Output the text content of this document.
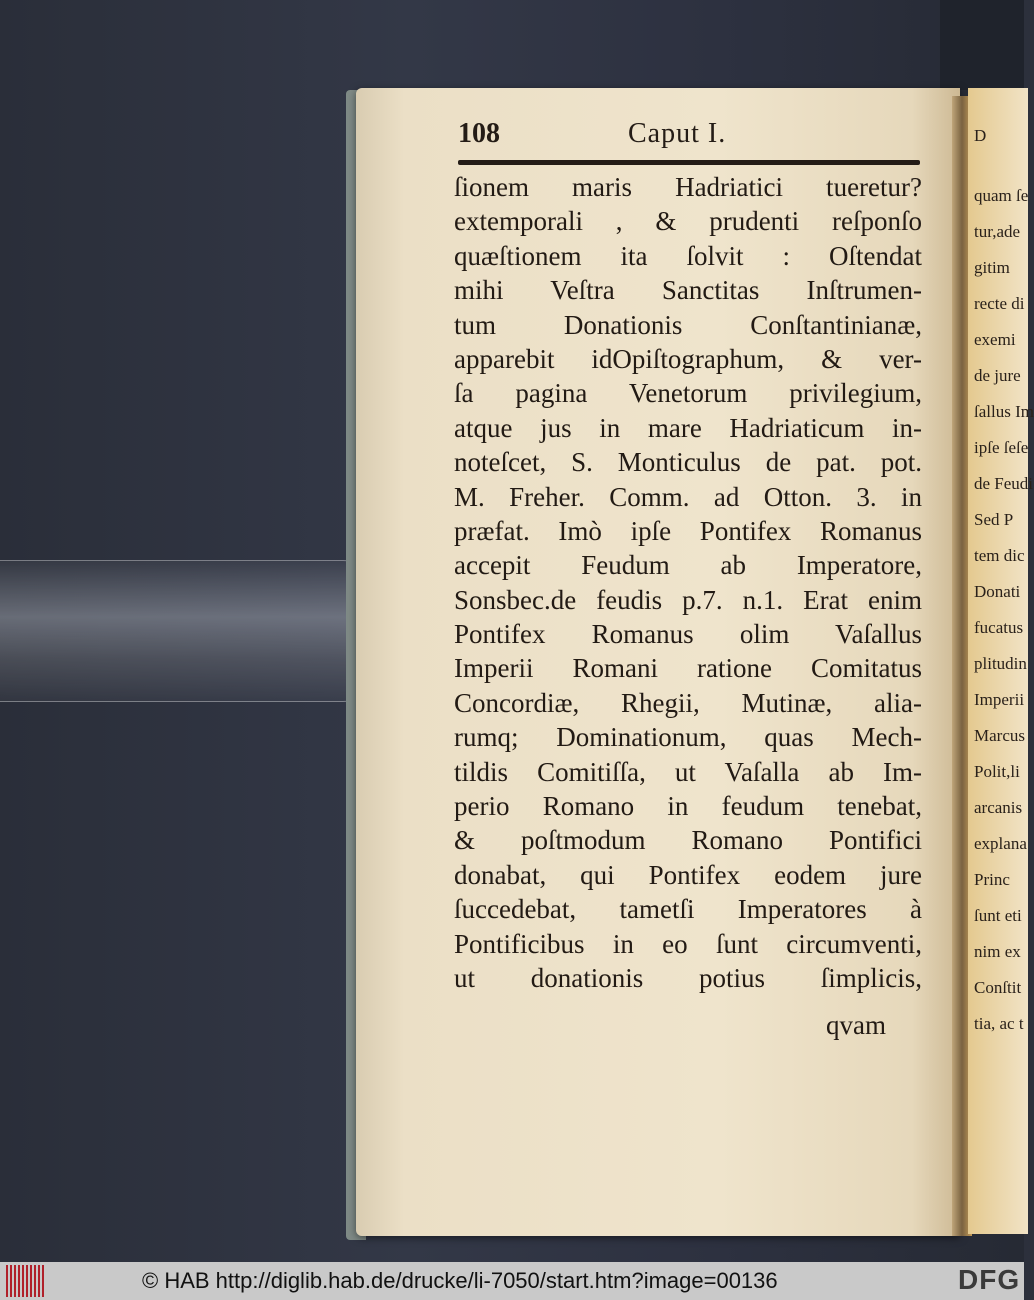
D
quam ſe
tur,ade
gitim
recte di
exemi
de jure
ſallus Im
ipſe ſeſe
de Feudi
Sed P
tem dic
Donati
fucatus
plitudin
Imperii
Marcus
Polit,li
arcanis
explana
Princ
ſunt eti
nim ex
Conſtit
tia, ac t
108	Caput I.
ſionem maris Hadriatici tueretur?
extemporali , & prudenti reſponſo
quæſtionem ita ſolvit : Oſtendat
mihi Veſtra Sanctitas Inſtrumen-
tum Donationis Conſtantinianæ,
apparebit idOpiſtographum, & ver-
ſa pagina Venetorum privilegium,
atque jus in mare Hadriaticum in-
noteſcet, S. Monticulus de pat. pot.
M. Freher. Comm. ad Otton. 3. in
præfat. Imò ipſe Pontifex Romanus
accepit Feudum ab Imperatore,
Sonsbec.de feudis p.7. n.1. Erat enim
Pontifex Romanus olim Vaſallus
Imperii Romani ratione Comitatus
Concordiæ, Rhegii, Mutinæ, alia-
rumq; Dominationum, quas Mech-
tildis Comitiſſa, ut Vaſalla ab Im-
perio Romano in feudum tenebat,
& poſtmodum Romano Pontifici
donabat, qui Pontifex eodem jure
ſuccedebat, tametſi Imperatores à
Pontificibus in eo ſunt circumventi,
ut donationis potius ſimplicis,
qvam
© HAB http://diglib.hab.de/drucke/li-7050/start.htm?image=00136	DFG
